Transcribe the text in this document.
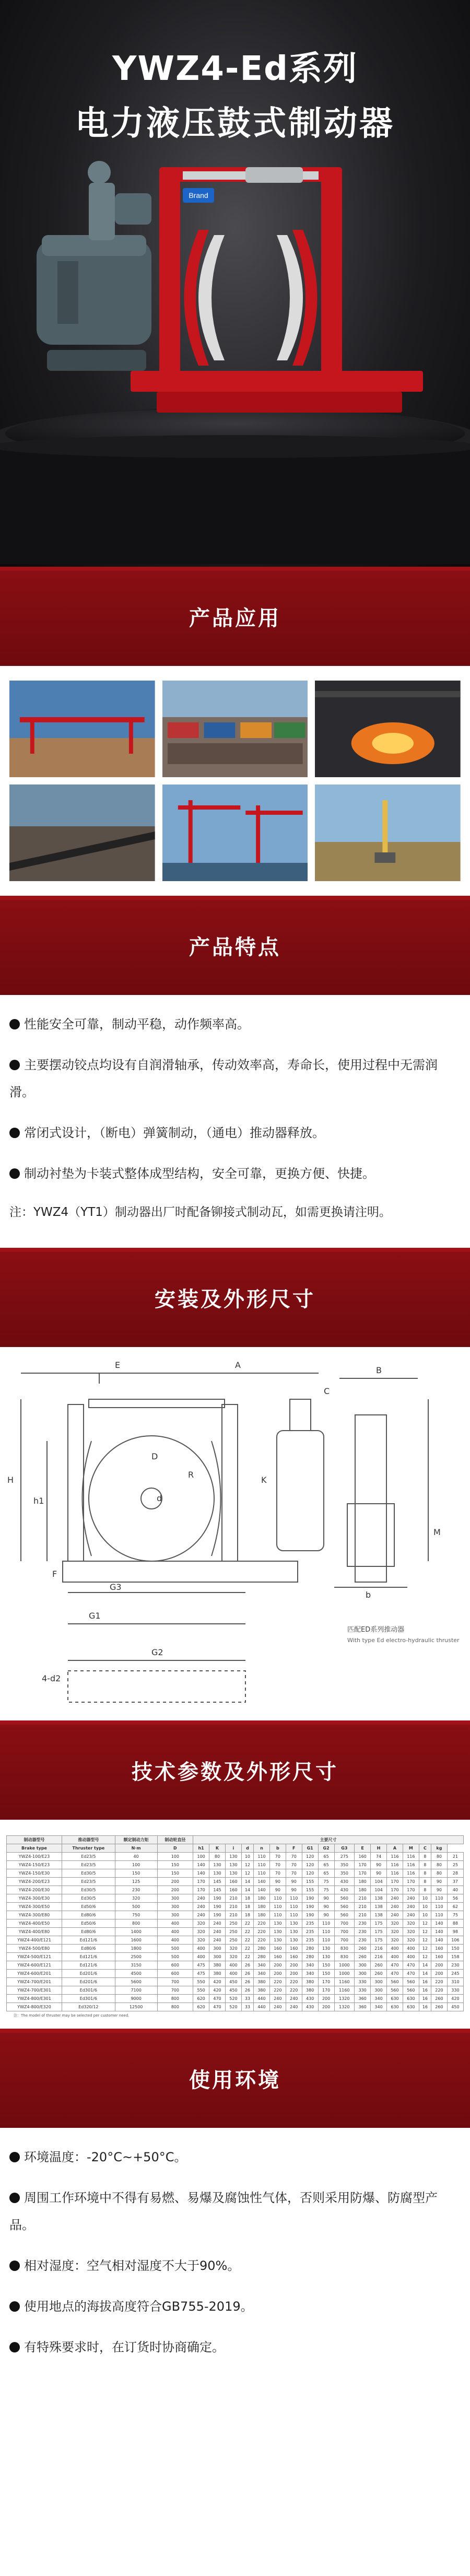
YWZ4-Ed系列
电力液压鼓式制动器
Brand
产品应用
产品特点

性能安全可靠，制动平稳，动作频率高。

主要摆动铰点均设有自润滑轴承，传动效率高，寿命长，使用过程中无需润滑。

常闭式设计，（断电）弹簧制动，（通电）推动器释放。

制动衬垫为卡装式整体成型结构，安全可靠，更换方便、快捷。

注：YWZ4（YT1）制动器出厂时配备铆接式制动瓦，如需更换请注明。

安装及外形尺寸
E	A
C
H
h1
F
G1
G2
G3
B
M
b
K
d
4-d2
D
R
匹配ED系列推动器
With type Ed electro-hydraulic thruster
技术参数及外形尺寸
制动器型号	推动器型号	额定制动力矩	制动轮直径	主要尺寸																
Brake type	Thruster type	N·m	D	h1	K	i	d	n	b	F	G1	G2	G3	E	H	A	M	C	kg	
YWZ4-100/E23	Ed23/5	40	100	100	80	130	10	110	70	70	120	65	275	160	74	116	116	8	80	21
YWZ4-150/E23	Ed23/5	100	150	140	130	130	12	110	70	70	120	65	350	170	90	116	116	8	80	25
YWZ4-150/E30	Ed30/5	150	150	140	130	130	12	110	70	70	120	65	350	170	90	116	116	8	80	28
YWZ4-200/E23	Ed23/5	125	200	170	145	160	14	140	90	90	155	75	430	180	104	170	170	8	90	37
YWZ4-200/E30	Ed30/5	230	200	170	145	160	14	140	90	90	155	75	430	180	104	170	170	8	90	40
YWZ4-300/E30	Ed30/5	320	300	240	190	210	18	180	110	110	190	90	560	210	138	240	240	10	110	56
YWZ4-300/E50	Ed50/6	500	300	240	190	210	18	180	110	110	190	90	560	210	138	240	240	10	110	62
YWZ4-300/E80	Ed80/6	750	300	240	190	210	18	180	110	110	190	90	560	210	138	240	240	10	110	75
YWZ4-400/E50	Ed50/6	800	400	320	240	250	22	220	130	130	235	110	700	230	175	320	320	12	140	88
YWZ4-400/E80	Ed80/6	1400	400	320	240	250	22	220	130	130	235	110	700	230	175	320	320	12	140	98
YWZ4-400/E121	Ed121/6	1600	400	320	240	250	22	220	130	130	235	110	700	230	175	320	320	12	140	106
YWZ4-500/E80	Ed80/6	1800	500	400	300	320	22	280	160	160	280	130	830	260	216	400	400	12	160	150
YWZ4-500/E121	Ed121/6	2500	500	400	300	320	22	280	160	160	280	130	830	260	216	400	400	12	160	158
YWZ4-600/E121	Ed121/6	3150	600	475	380	400	26	340	200	200	340	150	1000	300	260	470	470	14	200	230
YWZ4-600/E201	Ed201/6	4500	600	475	380	400	26	340	200	200	340	150	1000	300	260	470	470	14	200	245
YWZ4-700/E201	Ed201/6	5600	700	550	420	450	26	380	220	220	380	170	1160	330	300	560	560	16	220	310
YWZ4-700/E301	Ed301/6	7100	700	550	420	450	26	380	220	220	380	170	1160	330	300	560	560	16	220	330
YWZ4-800/E301	Ed301/6	9000	800	620	470	520	33	440	240	240	430	200	1320	360	340	630	630	16	260	420
YWZ4-800/E320	Ed320/12	12500	800	620	470	520	33	440	240	240	430	200	1320	360	340	630	630	16	260	450
注：The model of thruster may be selected per customer need.
使用环境

环境温度：-20°C~+50°C。

周围工作环境中不得有易燃、易爆及腐蚀性气体，否则采用防爆、防腐型产品。

相对湿度：空气相对湿度不大于90%。

使用地点的海拔高度符合GB755-2019。

有特殊要求时，在订货时协商确定。
